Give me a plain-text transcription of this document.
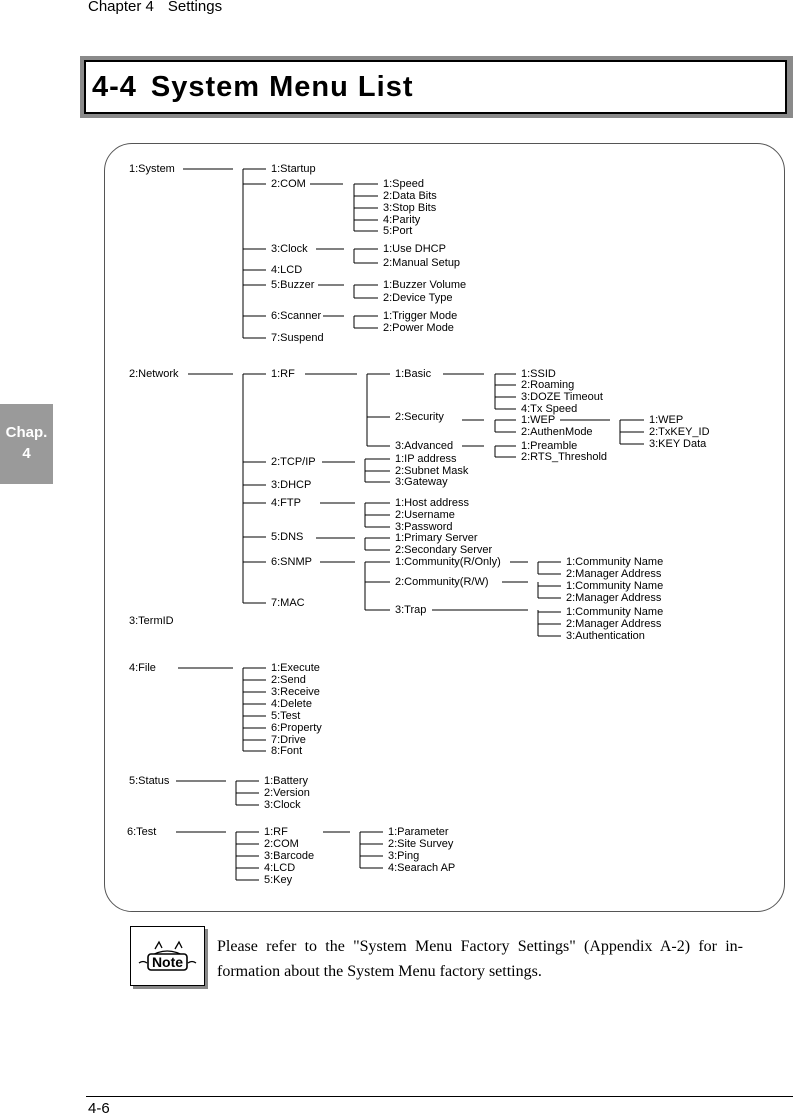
Chapter 4 Settings
4-4 System Menu List
Chap.
4
1:System	1:Startup
2:COM
3:Clock
4:LCD
5:Buzzer
6:Scanner
7:Suspend
1:Speed
2:Data Bits
3:Stop Bits
4:Parity
5:Port
1:Use DHCP
2:Manual Setup
1:Buzzer Volume
2:Device Type
1:Trigger Mode
2:Power Mode
2:Network	1:RF
2:TCP/IP
3:DHCP
4:FTP
5:DNS
6:SNMP
7:MAC
1:Basic
2:Security
3:Advanced
1:SSID
2:Roaming
3:DOZE Timeout
4:Tx Speed
1:WEP
2:AuthenMode
1:WEP
2:TxKEY_ID
3:KEY Data
1:Preamble
2:RTS_Threshold
1:IP address
2:Subnet Mask
3:Gateway
1:Host address
2:Username
3:Password
1:Primary Server
2:Secondary Server
1:Community(R/Only)
2:Community(R/W)
3:Trap
1:Community Name
2:Manager Address
1:Community Name
2:Manager Address
1:Community Name
2:Manager Address
3:Authentication
3:TermID
4:File	1:Execute
2:Send
3:Receive
4:Delete
5:Test
6:Property
7:Drive
8:Font
5:Status	1:Battery
2:Version
3:Clock
6:Test	1:RF
2:COM
3:Barcode
4:LCD
5:Key
1:Parameter
2:Site Survey
3:Ping
4:Searach AP
Note
Please refer to the "System Menu Factory Settings" (Appendix A-2) for in-formation about the System Menu factory settings.
4-6
